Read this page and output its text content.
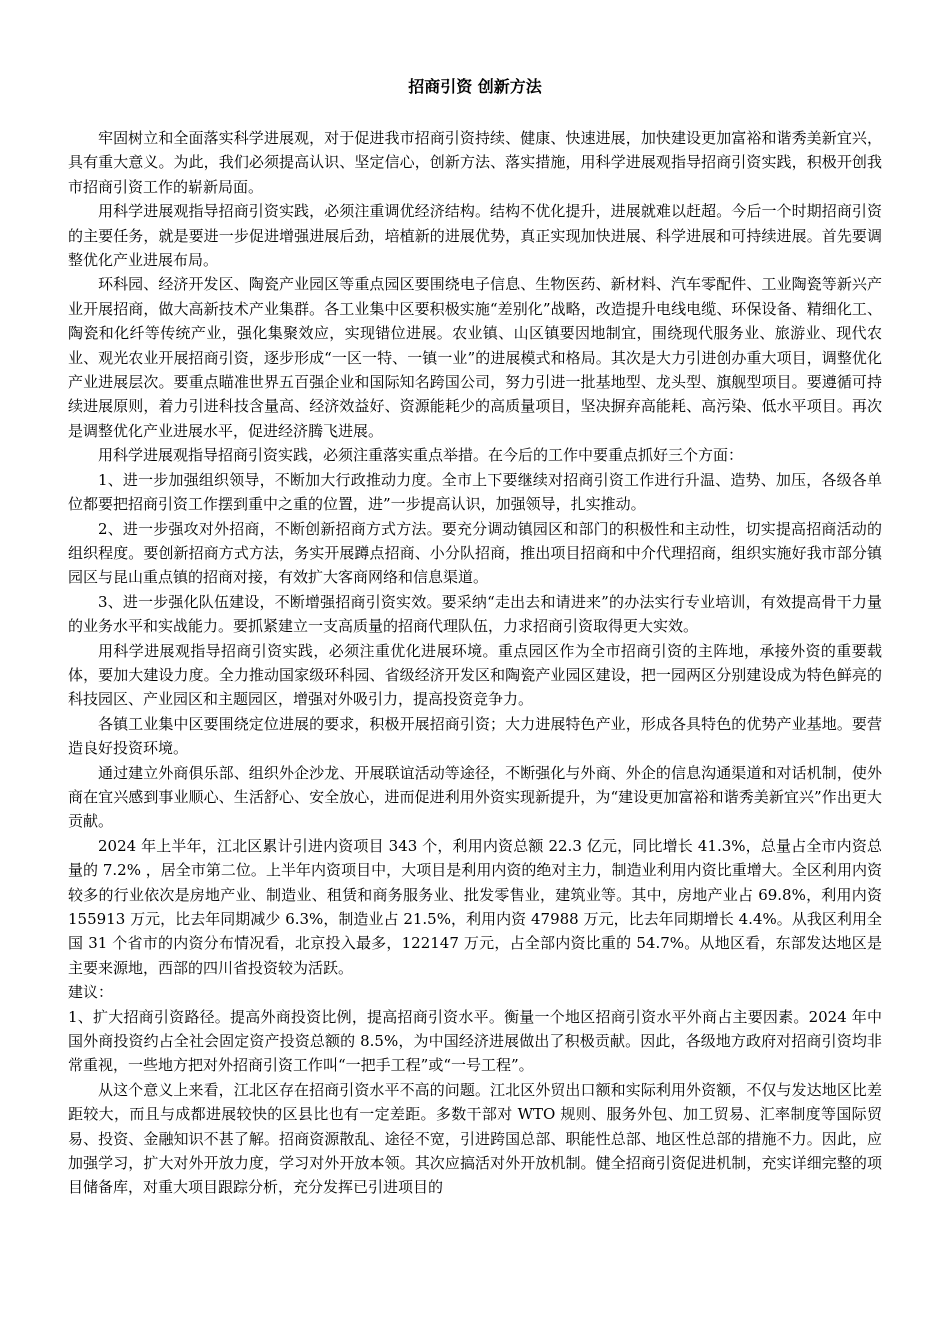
招商引资 创新方法

牢固树立和全面落实科学进展观，对于促进我市招商引资持续、健康、快速进展，加快建设更加富裕和谐秀美新宜兴，具有重大意义。为此，我们必须提高认识、坚定信心，创新方法、落实措施，用科学进展观指导招商引资实践，积极开创我市招商引资工作的崭新局面。

用科学进展观指导招商引资实践，必须注重调优经济结构。结构不优化提升，进展就难以赶超。今后一个时期招商引资的主要任务，就是要进一步促进增强进展后劲，培植新的进展优势，真正实现加快进展、科学进展和可持续进展。首先要调整优化产业进展布局。

环科园、经济开发区、陶瓷产业园区等重点园区要围绕电子信息、生物医药、新材料、汽车零配件、工业陶瓷等新兴产业开展招商，做大高新技术产业集群。各工业集中区要积极实施“差别化”战略，改造提升电线电缆、环保设备、精细化工、陶瓷和化纤等传统产业，强化集聚效应，实现错位进展。农业镇、山区镇要因地制宜，围绕现代服务业、旅游业、现代农业、观光农业开展招商引资，逐步形成“一区一特、一镇一业”的进展模式和格局。其次是大力引进创办重大项目，调整优化产业进展层次。要重点瞄准世界五百强企业和国际知名跨国公司，努力引进一批基地型、龙头型、旗舰型项目。要遵循可持续进展原则，着力引进科技含量高、经济效益好、资源能耗少的高质量项目，坚决摒弃高能耗、高污染、低水平项目。再次是调整优化产业进展水平，促进经济腾飞进展。

用科学进展观指导招商引资实践，必须注重落实重点举措。在今后的工作中要重点抓好三个方面：

1、进一步加强组织领导，不断加大行政推动力度。全市上下要继续对招商引资工作进行升温、造势、加压，各级各单位都要把招商引资工作摆到重中之重的位置，进”一步提高认识，加强领导，扎实推动。

2、进一步强攻对外招商，不断创新招商方式方法。要充分调动镇园区和部门的积极性和主动性，切实提高招商活动的组织程度。要创新招商方式方法，务实开展蹲点招商、小分队招商，推出项目招商和中介代理招商，组织实施好我市部分镇园区与昆山重点镇的招商对接，有效扩大客商网络和信息渠道。

3、进一步强化队伍建设，不断增强招商引资实效。要采纳“走出去和请进来”的办法实行专业培训，有效提高骨干力量的业务水平和实战能力。要抓紧建立一支高质量的招商代理队伍，力求招商引资取得更大实效。

用科学进展观指导招商引资实践，必须注重优化进展环境。重点园区作为全市招商引资的主阵地，承接外资的重要载体，要加大建设力度。全力推动国家级环科园、省级经济开发区和陶瓷产业园区建设，把一园两区分别建设成为特色鲜亮的科技园区、产业园区和主题园区，增强对外吸引力，提高投资竞争力。

各镇工业集中区要围绕定位进展的要求，积极开展招商引资；大力进展特色产业，形成各具特色的优势产业基地。要营造良好投资环境。

通过建立外商俱乐部、组织外企沙龙、开展联谊活动等途径，不断强化与外商、外企的信息沟通渠道和对话机制，使外商在宜兴感到事业顺心、生活舒心、安全放心，进而促进利用外资实现新提升，为“建设更加富裕和谐秀美新宜兴”作出更大贡献。

2024 年上半年，江北区累计引进内资项目 343 个，利用内资总额 22.3 亿元，同比增长 41.3%，总量占全市内资总量的 7.2% ，居全市第二位。上半年内资项目中，大项目是利用内资的绝对主力，制造业利用内资比重增大。全区利用内资较多的行业依次是房地产业、制造业、租赁和商务服务业、批发零售业，建筑业等。其中，房地产业占 69.8%，利用内资 155913 万元，比去年同期减少 6.3%，制造业占 21.5%，利用内资 47988 万元，比去年同期增长 4.4%。从我区利用全国 31 个省市的内资分布情况看，北京投入最多，122147 万元，占全部内资比重的 54.7%。从地区看，东部发达地区是主要来源地，西部的四川省投资较为活跃。

建议：

1、扩大招商引资路径。提高外商投资比例，提高招商引资水平。衡量一个地区招商引资水平外商占主要因素。2024 年中国外商投资约占全社会固定资产投资总额的 8.5%，为中国经济进展做出了积极贡献。因此，各级地方政府对招商引资均非常重视，一些地方把对外招商引资工作叫“一把手工程”或“一号工程”。

从这个意义上来看，江北区存在招商引资水平不高的问题。江北区外贸出口额和实际利用外资额，不仅与发达地区比差距较大，而且与成都进展较快的区县比也有一定差距。多数干部对 WTO 规则、服务外包、加工贸易、汇率制度等国际贸易、投资、金融知识不甚了解。招商资源散乱、途径不宽，引进跨国总部、职能性总部、地区性总部的措施不力。因此，应加强学习，扩大对外开放力度，学习对外开放本领。其次应搞活对外开放机制。健全招商引资促进机制，充实详细完整的项目储备库，对重大项目跟踪分析，充分发挥已引进项目的
